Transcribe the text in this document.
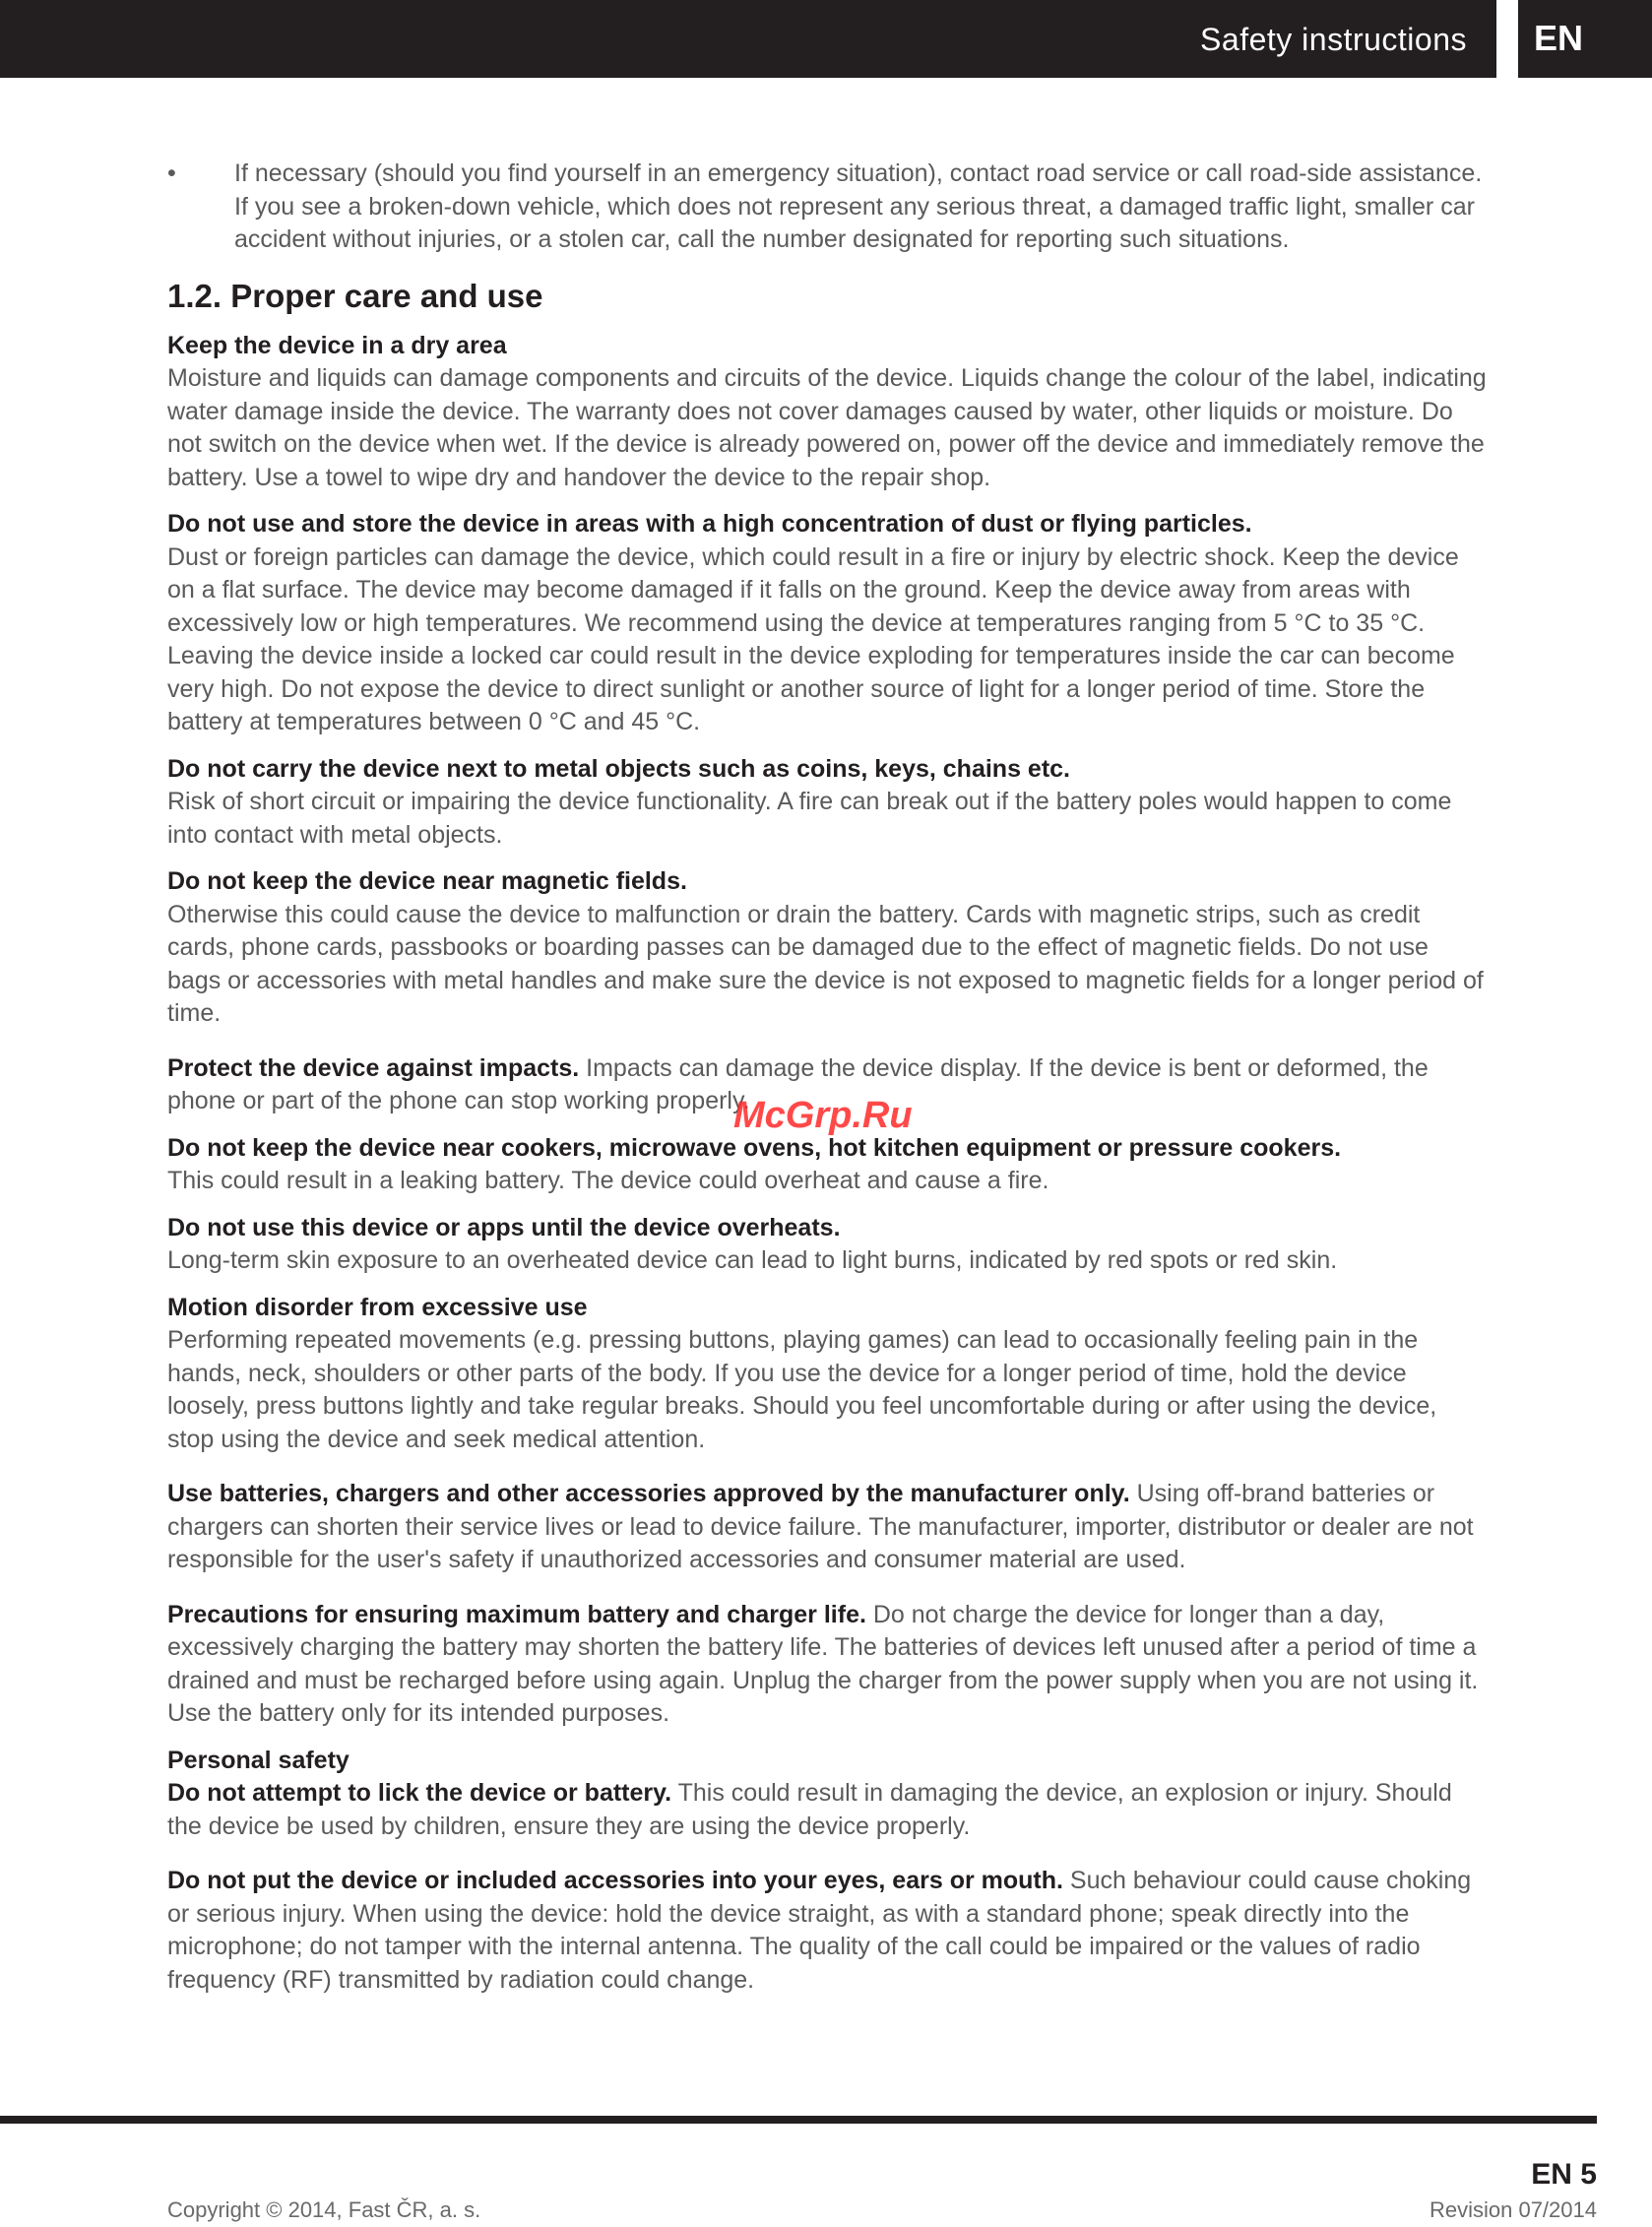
Safety instructions EN
• If necessary (should you find yourself in an emergency situation), contact road service or call road-side assistance. If you see a broken-down vehicle, which does not represent any serious threat, a damaged traffic light, smaller car accident without injuries, or a stolen car, call the number designated for reporting such situations.
1.2. Proper care and use

Keep the device in a dry area
Moisture and liquids can damage components and circuits of the device. Liquids change the colour of the label, indicating water damage inside the device. The warranty does not cover damages caused by water, other liquids or moisture. Do not switch on the device when wet. If the device is already powered on, power off the device and immediately remove the battery. Use a towel to wipe dry and handover the device to the repair shop.

Do not use and store the device in areas with a high concentration of dust or flying particles.
Dust or foreign particles can damage the device, which could result in a fire or injury by electric shock. Keep the device on a flat surface. The device may become damaged if it falls on the ground. Keep the device away from areas with excessively low or high temperatures. We recommend using the device at temperatures ranging from 5 °C to 35 °C. Leaving the device inside a locked car could result in the device exploding for temperatures inside the car can become very high. Do not expose the device to direct sunlight or another source of light for a longer period of time. Store the battery at temperatures between 0 °C and 45 °C.

Do not carry the device next to metal objects such as coins, keys, chains etc.
Risk of short circuit or impairing the device functionality. A fire can break out if the battery poles would happen to come into contact with metal objects.

Do not keep the device near magnetic fields.
Otherwise this could cause the device to malfunction or drain the battery. Cards with magnetic strips, such as credit cards, phone cards, passbooks or boarding passes can be damaged due to the effect of magnetic fields. Do not use bags or accessories with metal handles and make sure the device is not exposed to magnetic fields for a longer period of time.

Protect the device against impacts. Impacts can damage the device display. If the device is bent or deformed, the phone or part of the phone can stop working properly.

Do not keep the device near cookers, microwave ovens, hot kitchen equipment or pressure cookers.
This could result in a leaking battery. The device could overheat and cause a fire.

Do not use this device or apps until the device overheats.
Long-term skin exposure to an overheated device can lead to light burns, indicated by red spots or red skin.

Motion disorder from excessive use
Performing repeated movements (e.g. pressing buttons, playing games) can lead to occasionally feeling pain in the hands, neck, shoulders or other parts of the body. If you use the device for a longer period of time, hold the device loosely, press buttons lightly and take regular breaks. Should you feel uncomfortable during or after using the device, stop using the device and seek medical attention.

Use batteries, chargers and other accessories approved by the manufacturer only. Using off-brand batteries or chargers can shorten their service lives or lead to device failure. The manufacturer, importer, distributor or dealer are not responsible for the user's safety if unauthorized accessories and consumer material are used.

Precautions for ensuring maximum battery and charger life. Do not charge the device for longer than a day, excessively charging the battery may shorten the battery life. The batteries of devices left unused after a period of time a drained and must be recharged before using again. Unplug the charger from the power supply when you are not using it. Use the battery only for its intended purposes.

Personal safety
Do not attempt to lick the device or battery. This could result in damaging the device, an explosion or injury. Should the device be used by children, ensure they are using the device properly.

Do not put the device or included accessories into your eyes, ears or mouth. Such behaviour could cause choking or serious injury. When using the device: hold the device straight, as with a standard phone; speak directly into the microphone; do not tamper with the internal antenna. The quality of the call could be impaired or the values of radio frequency (RF) transmitted by radiation could change.

McGrp.Ru
EN 5
Copyright © 2014, Fast ČR, a. s.	Revision 07/2014
